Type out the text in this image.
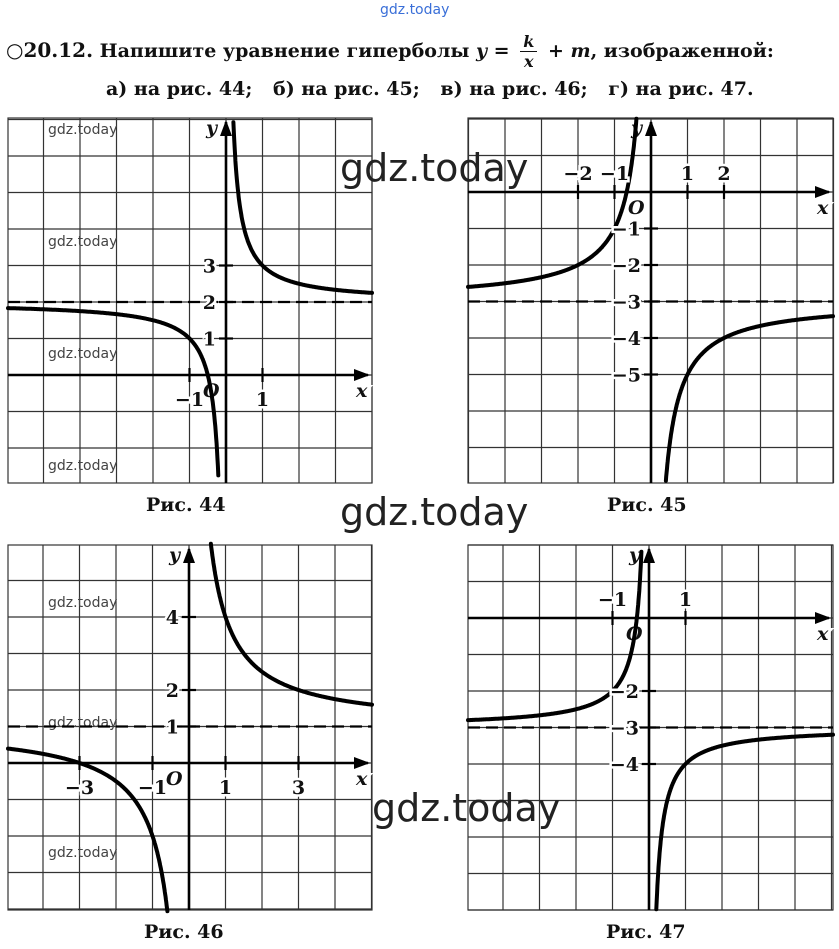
gdz.today
○20.12. Напишите уравнение гиперболы $y = \frac{k}{x} + m$, изображенной:
а) на рис. 44; б) на рис. 45; в) на рис. 46; г) на рис. 47.
gdz.today
gdz.today
gdz.today
gdz.today
x
y
O
−1	1
1
2
3
x
y
O
−2 −1	1 2
−1
−2
−3
−4
−5
gdz.today
gdz.today
gdz.today
x
y
O
−3 −1	1	3
1
2
4
x
y
O
−1	1
−2
−3
−4
Рис. 44	Рис. 45
Рис. 46	Рис. 47
gdz.today
gdz.today
gdz.today
